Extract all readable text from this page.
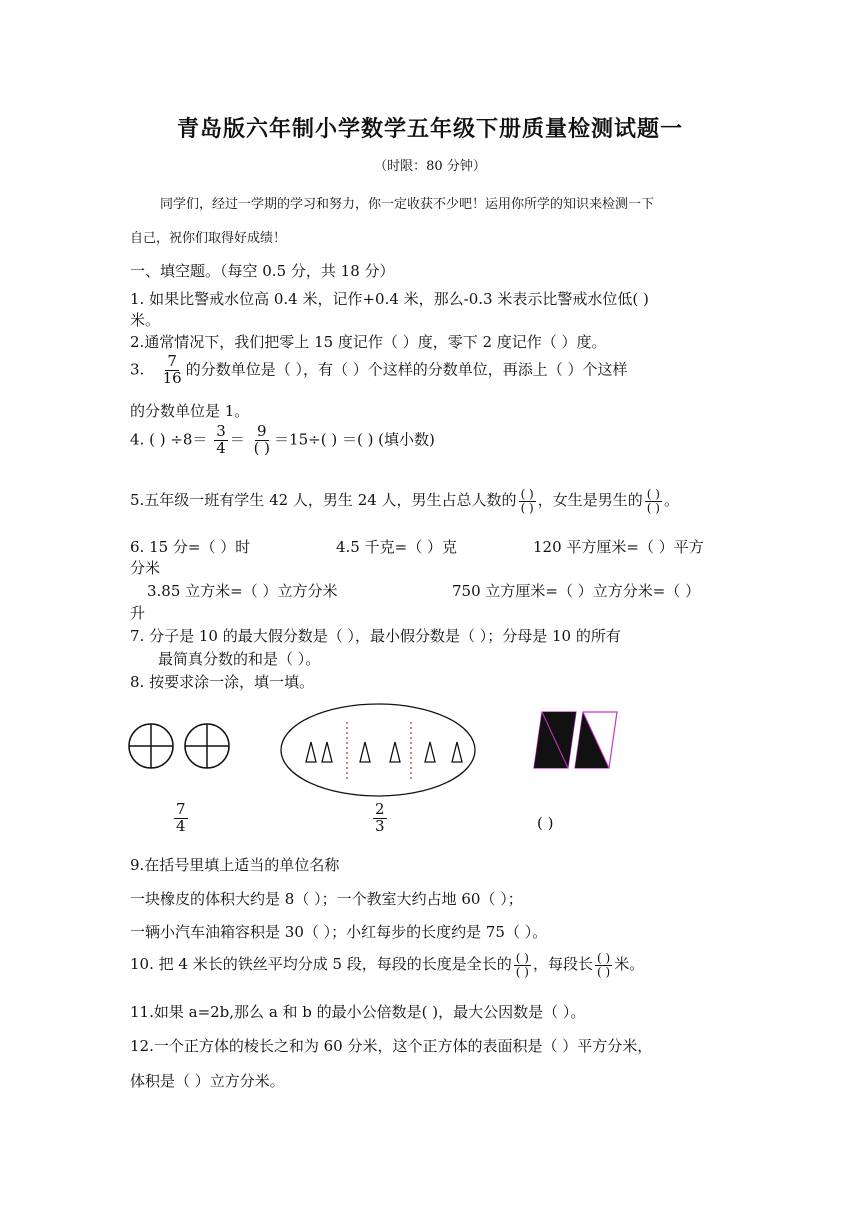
青岛版六年制小学数学五年级下册质量检测试题一
（时限：80 分钟）
同学们，经过一学期的学习和努力，你一定收获不少吧！运用你所学的知识来检测一下
自己，祝你们取得好成绩！
一、填空题。（每空 0.5 分，共 18 分）
1. 如果比警戒水位高 0.4 米，记作+0.4 米，那么-0.3 米表示比警戒水位低( )
米。
2.通常情况下，我们把零上 15 度记作（ ）度，零下 2 度记作（ ）度。
3. $\frac{7}{16}$ 的分数单位是（ ），有（ ）个这样的分数单位，再添上（ ）个这样
的分数单位是 1。
4. ( ) $\div 8= \frac{3}{4} = \frac{9}{( )} =15\div$( ) ＝( ) (填小数)
5.五年级一班有学生 42 人，男生 24 人，男生占总人数的 $\frac{( )}{( )}$ ，女生是男生的 $\frac{( )}{( )}$ 。
6. 15 分=（ ）时	4.5 千克=（ ）克	120 平方厘米=（ ）平方
分米
3.85 立方米=（ ）立方分米	750 立方厘米=（ ）立方分米=（ ）
升
7. 分子是 10 的最大假分数是（ ），最小假分数是（ ）；分母是 10 的所有
最简真分数的和是（ ）。
8. 按要求涂一涂，填一填。
$\frac{7}{4}$	$\frac{2}{3}$	( )
9.在括号里填上适当的单位名称
一块橡皮的体积大约是 8（ ）；一个教室大约占地 60（ ）；
一辆小汽车油箱容积是 30（ ）；小红每步的长度约是 75（ ）。
10. 把 4 米长的铁丝平均分成 5 段，每段的长度是全长的 $\frac{( )}{( )}$ ，每段长 $\frac{( )}{( )}$ 米。
11.如果 a=2b,那么 a 和 b 的最小公倍数是( )，最大公因数是（ ）。
12.一个正方体的棱长之和为 60 分米，这个正方体的表面积是（ ）平方分米，
体积是（ ）立方分米。
